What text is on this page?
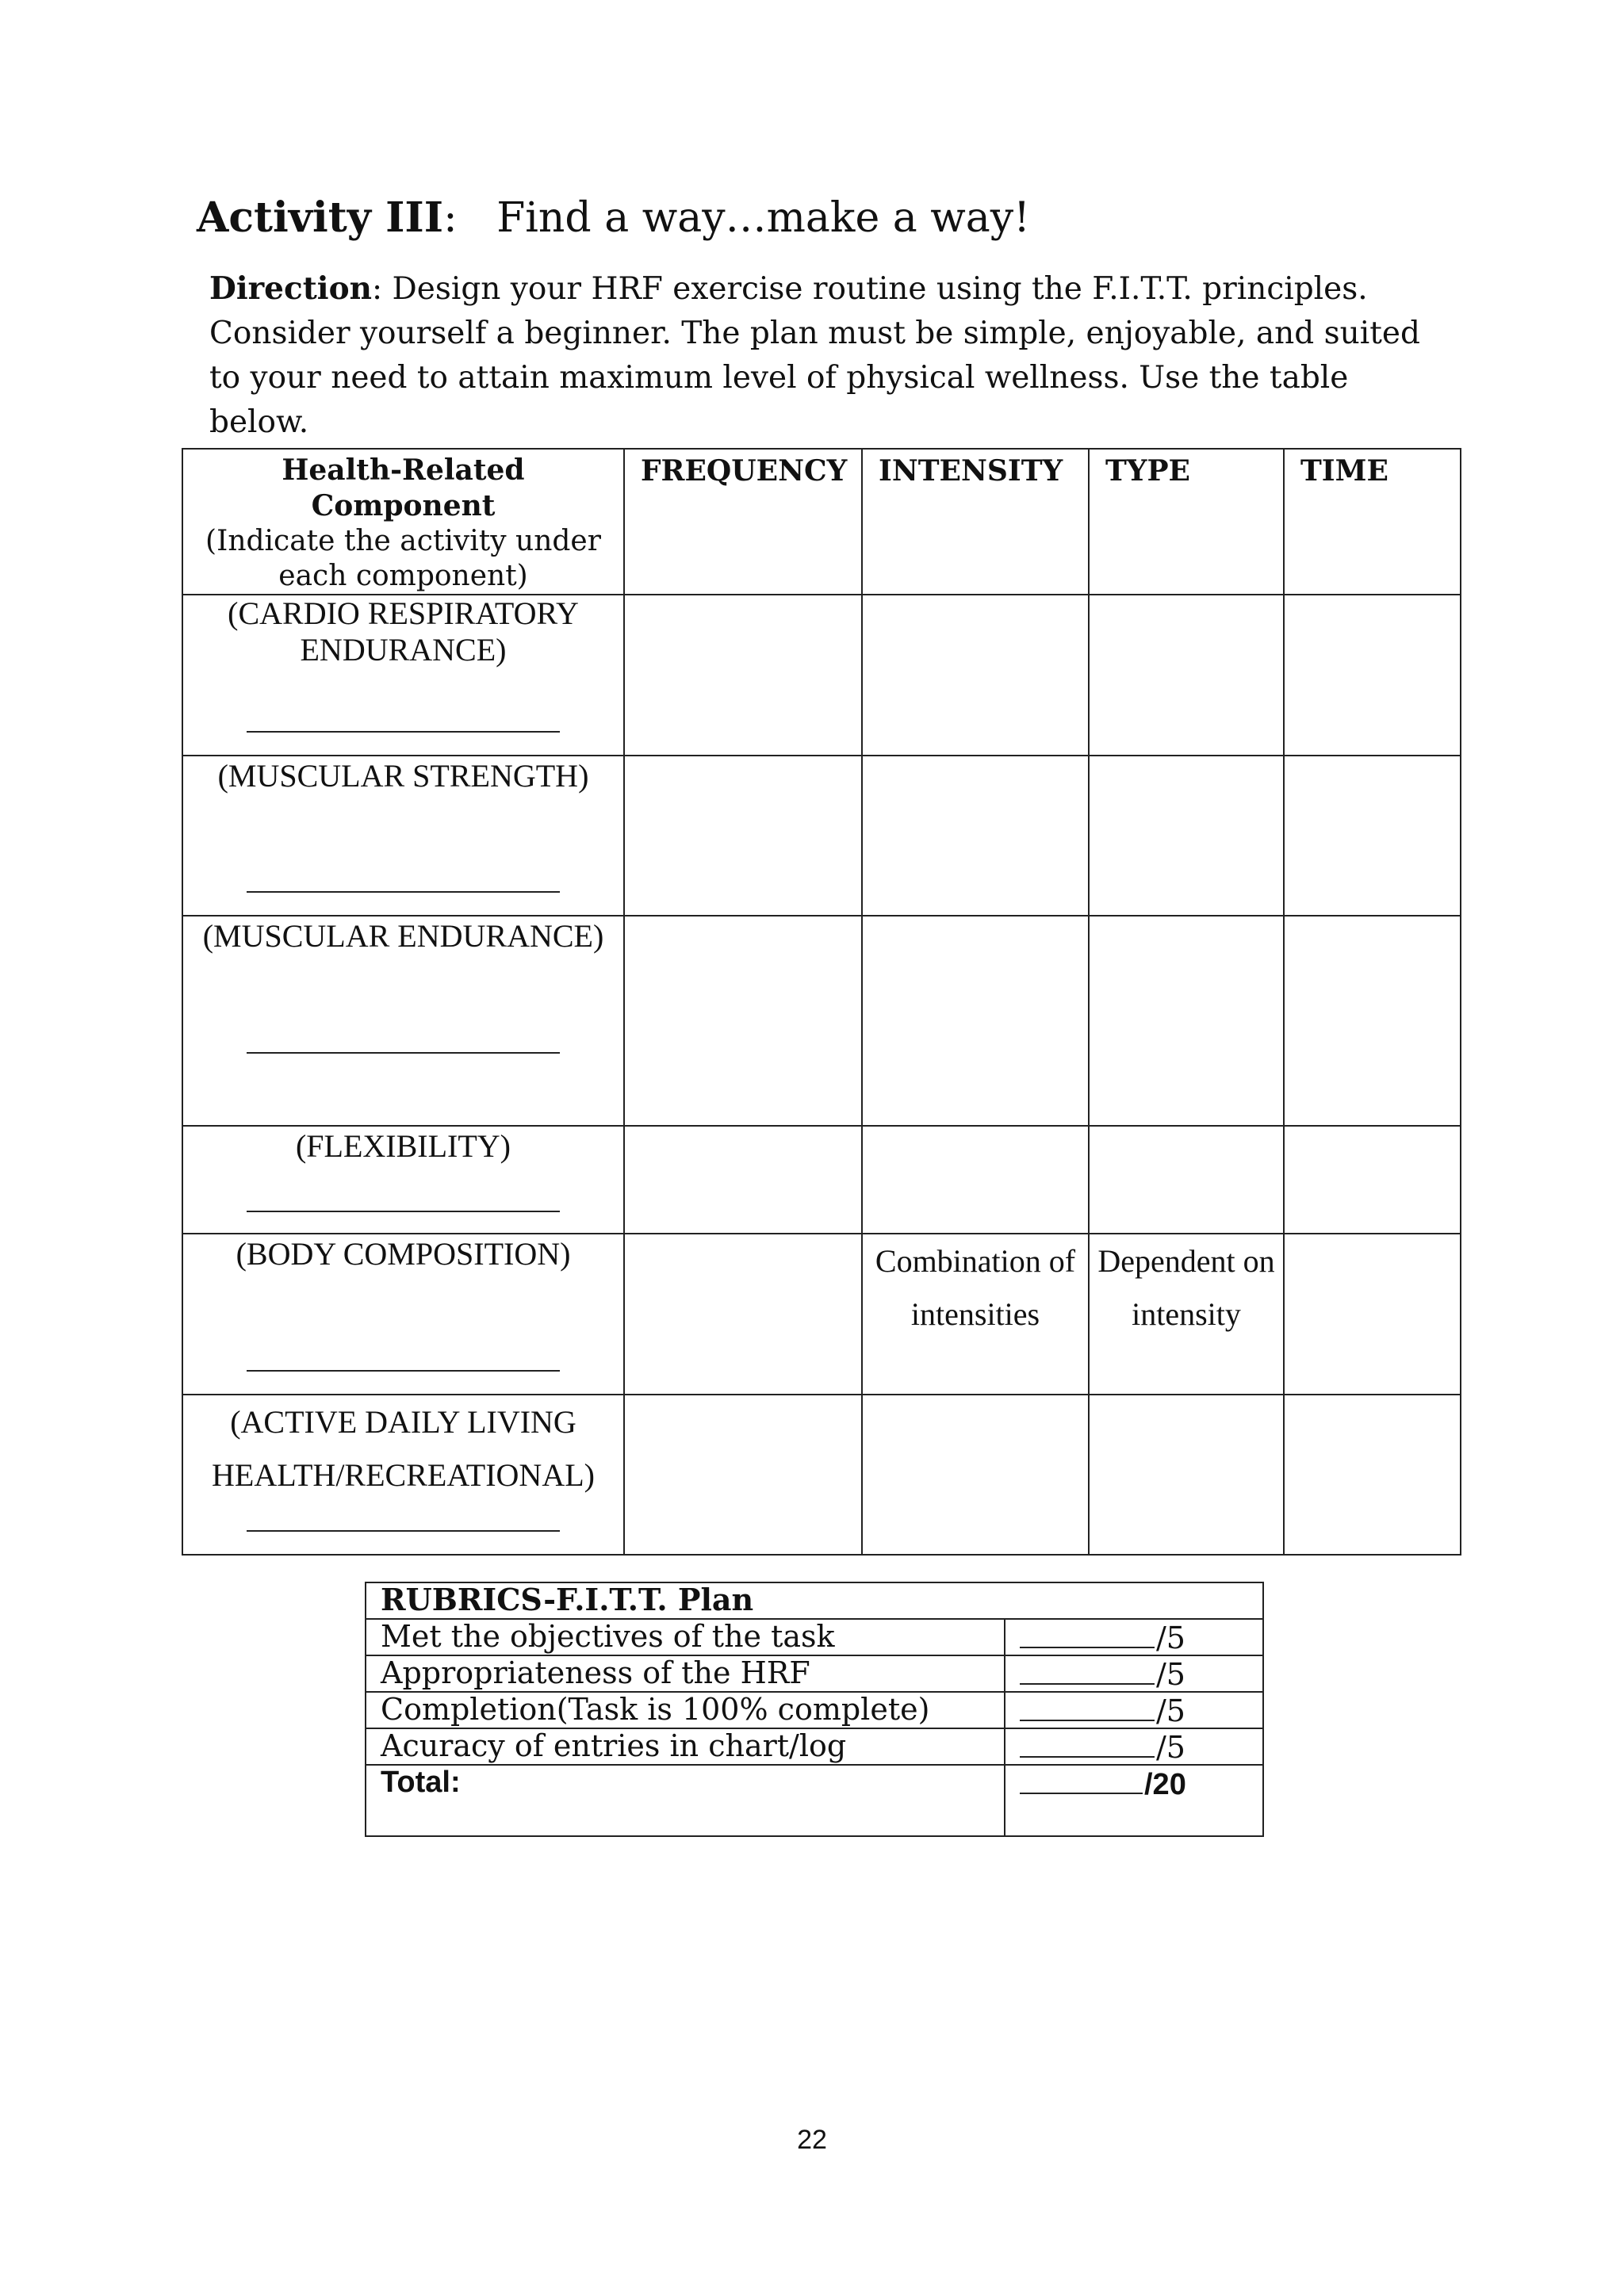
Activity III: Find a way…make a way!

Direction: Design your HRF exercise routine using the F.I.T.T. principles. Consider yourself a beginner. The plan must be simple, enjoyable, and suited to your need to attain maximum level of physical wellness. Use the table below.

Health-Related Component
(Indicate the activity under each component)	FREQUENCY	INTENSITY	TYPE	TIME
(CARDIO RESPIRATORY ENDURANCE)

(MUSCULAR STRENGTH)

(MUSCULAR ENDURANCE)

(FLEXIBILITY)

(BODY COMPOSITION)		Combination of intensities	Dependent on intensity	
(ACTIVE DAILY LIVING
HEALTH/RECREATIONAL)

RUBRICS-F.I.T.T. Plan	
Met the objectives of the task	/5
Appropriateness of the HRF	/5
Completion(Task is 100% complete)	/5
Acuracy of entries in chart/log	/5
Total:	/20
22
